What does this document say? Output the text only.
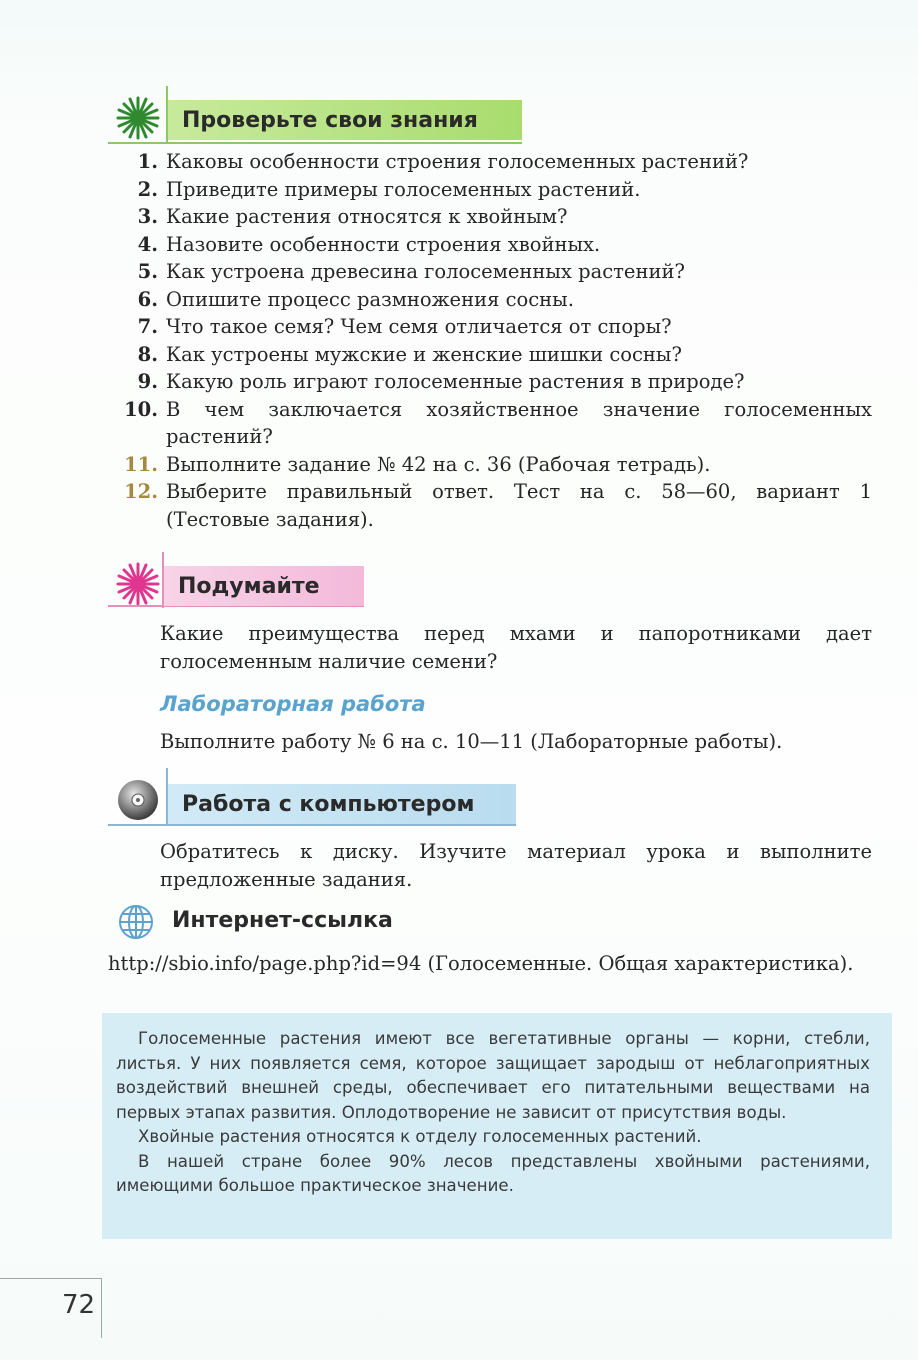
Проверьте свои знания
1. Каковы особенности строения голосеменных растений?
2. Приведите примеры голосеменных растений.
3. Какие растения относятся к хвойным?
4. Назовите особенности строения хвойных.
5. Как устроена древесина голосеменных растений?
6. Опишите процесс размножения сосны.
7. Что такое семя? Чем семя отличается от споры?
8. Как устроены мужские и женские шишки сосны?
9. Какую роль играют голосеменные растения в природе?
10. В чем заключается хозяйственное значение голосеменных растений?
11. Выполните задание № 42 на с. 36 (Рабочая тетрадь).
12. Выберите правильный ответ. Тест на с. 58—60, вариант 1 (Тестовые задания).
Подумайте
Какие преимущества перед мхами и папоротниками дает голосеменным наличие семени?
Лабораторная работа
Выполните работу № 6 на с. 10—11 (Лабораторные работы).
Работа с компьютером
Обратитесь к диску. Изучите материал урока и выполните предложенные задания.
Интернет-ссылка
http://sbio.info/page.php?id=94 (Голосеменные. Общая характеристика).

Голосеменные растения имеют все вегетативные органы — корни, стебли, листья. У них появляется семя, которое защищает зародыш от неблагоприятных воздействий внешней среды, обеспечивает его питательными веществами на первых этапах развития. Оплодотворение не зависит от присутствия воды.

Хвойные растения относятся к отделу голосеменных растений.

В нашей стране более 90% лесов представлены хвойными растениями, имеющими большое практическое значение.

72
